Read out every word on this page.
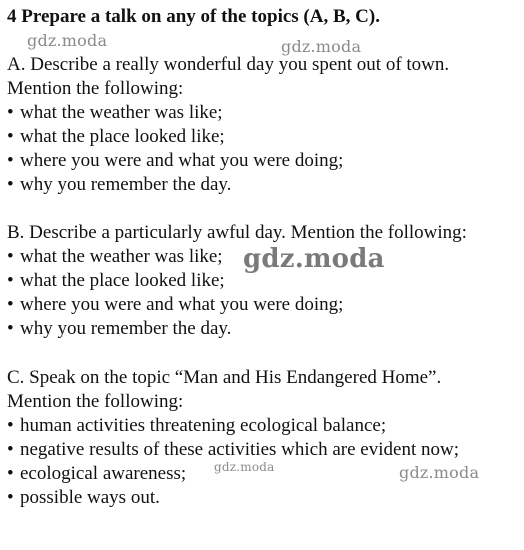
4 Prepare a talk on any of the topics (A, B, C).
A. Describe a really wonderful day you spent out of town.
Mention the following:
• what the weather was like;
• what the place looked like;
• where you were and what you were doing;
• why you remember the day.
B. Describe a particularly awful day. Mention the following:
• what the weather was like;
• what the place looked like;
• where you were and what you were doing;
• why you remember the day.
C. Speak on the topic “Man and His Endangered Home”.
Mention the following:
• human activities threatening ecological balance;
• negative results of these activities which are evident now;
• ecological awareness;
• possible ways out.
gdz.moda	gdz.moda
gdz.moda
gdz.moda	gdz.moda
